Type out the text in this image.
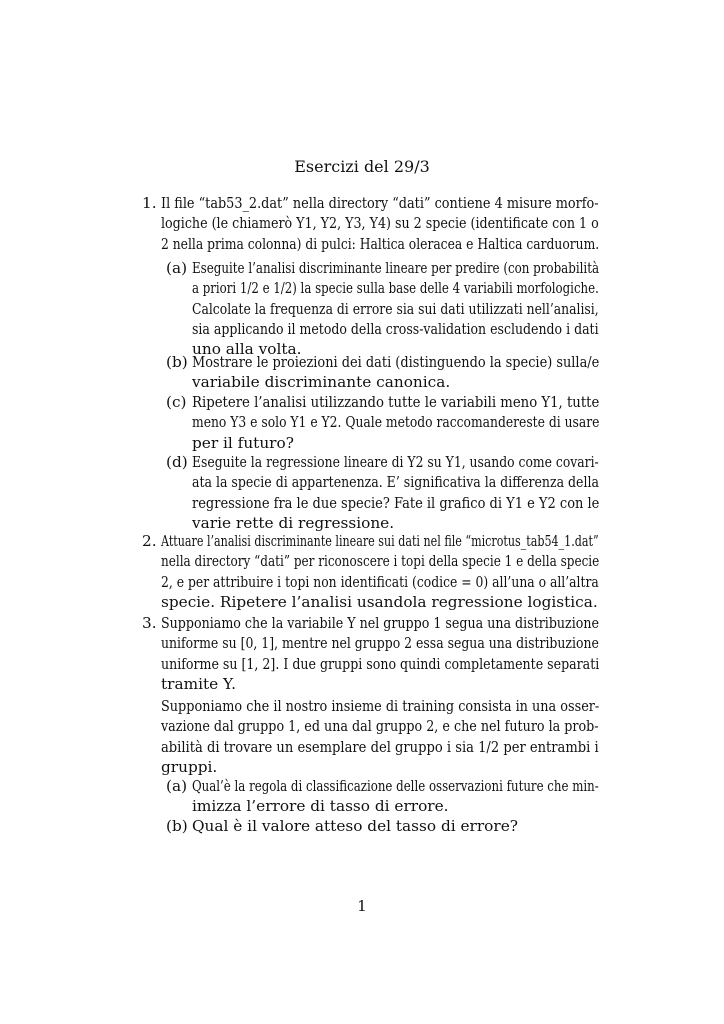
Esercizi del 29/3
1. Il file “tab53_2.dat” nella directory “dati” contiene 4 misure morfo-
logiche (le chiamerò Y1, Y2, Y3, Y4) su 2 specie (identificate con 1 o
2 nella prima colonna) di pulci: Haltica oleracea e Haltica carduorum.
(a) Eseguite l’analisi discriminante lineare per predire (con probabilità
a priori 1/2 e 1/2) la specie sulla base delle 4 variabili morfologiche.
Calcolate la frequenza di errore sia sui dati utilizzati nell’analisi,
sia applicando il metodo della cross-validation escludendo i dati
uno alla volta.
(b) Mostrare le proiezioni dei dati (distinguendo la specie) sulla/e
variabile discriminante canonica.
(c) Ripetere l’analisi utilizzando tutte le variabili meno Y1, tutte
meno Y3 e solo Y1 e Y2. Quale metodo raccomandereste di usare
per il futuro?
(d) Eseguite la regressione lineare di Y2 su Y1, usando come covari-
ata la specie di appartenenza. E’ significativa la differenza della
regressione fra le due specie? Fate il grafico di Y1 e Y2 con le
varie rette di regressione.
2. Attuare l’analisi discriminante lineare sui dati nel file “microtus_tab54_1.dat”
nella directory “dati” per riconoscere i topi della specie 1 e della specie
2, e per attribuire i topi non identificati (codice = 0) all’una o all’altra
specie. Ripetere l’analisi usandola regressione logistica.
3. Supponiamo che la variabile Y nel gruppo 1 segua una distribuzione
uniforme su [0, 1], mentre nel gruppo 2 essa segua una distribuzione
uniforme su [1, 2]. I due gruppi sono quindi completamente separati
tramite Y.
Supponiamo che il nostro insieme di training consista in una osser-
vazione dal gruppo 1, ed una dal gruppo 2, e che nel futuro la prob-
abilità di trovare un esemplare del gruppo i sia 1/2 per entrambi i
gruppi.
(a) Qual’è la regola di classificazione delle osservazioni future che min-
imizza l’errore di tasso di errore.
(b) Qual è il valore atteso del tasso di errore?
1
